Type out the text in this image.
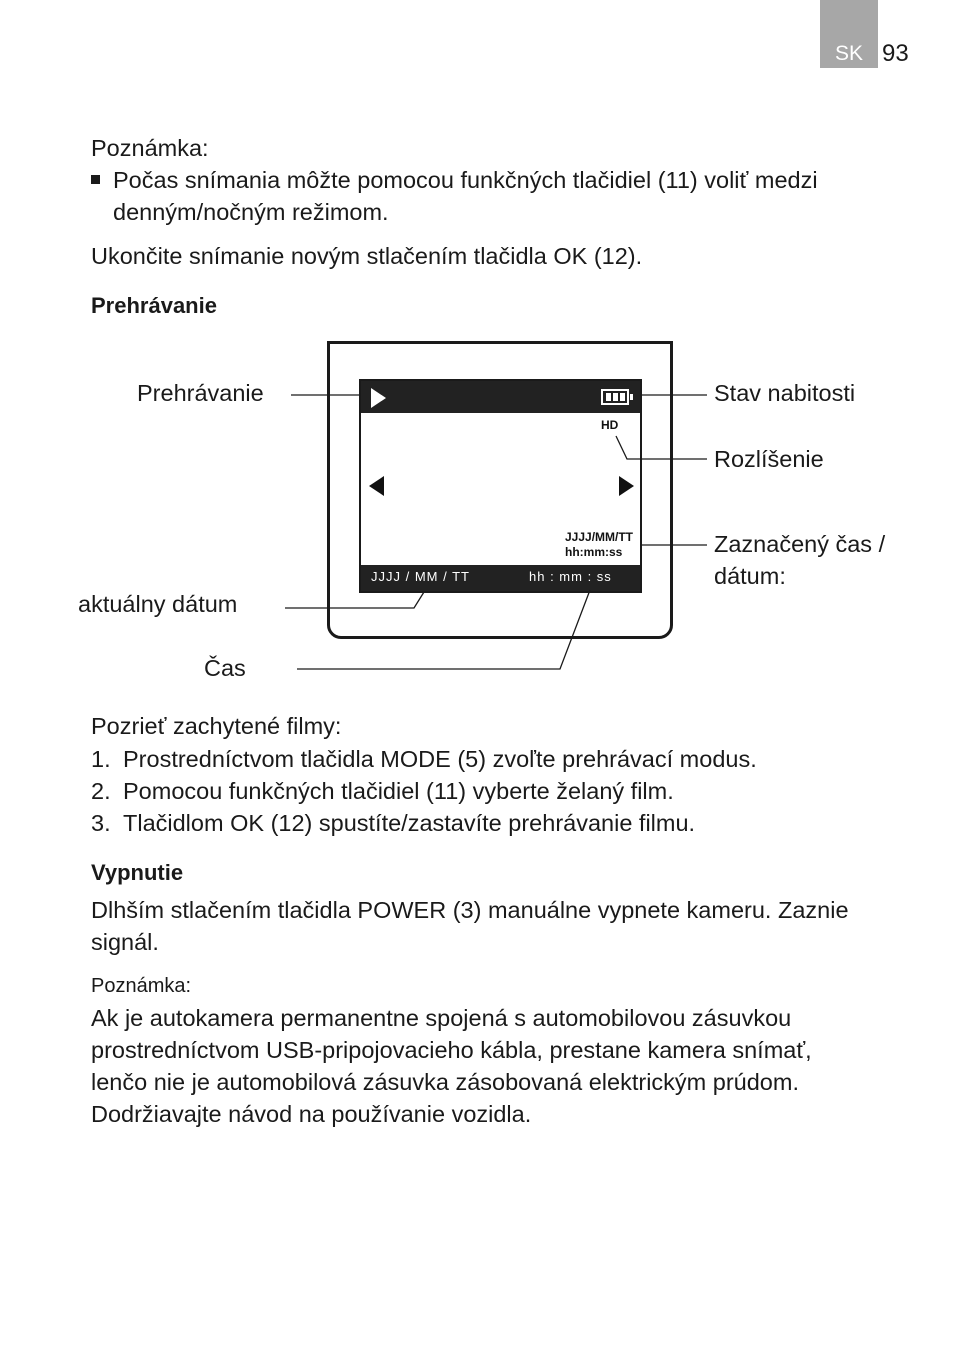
SK 93
Poznámka:
Počas snímania môžte pomocou funkčných tlačidiel (11) voliť medzi
denným/nočným režimom.
Ukončite snímanie novým stlačením tlačidla OK (12).
Prehrávanie
HD
JJJJ/MM/TT
hh:mm:ss
JJJJ / MM / TT	hh : mm : ss
Prehrávanie	Stav nabitosti
Rozlíšenie
Zaznačený čas /
dátum:
aktuálny dátum
Čas
Pozrieť zachytené filmy:
1. Prostredníctvom tlačidla MODE (5) zvoľte prehrávací modus.
2. Pomocou funkčných tlačidiel (11) vyberte želaný film.
3. Tlačidlom OK (12) spustíte/zastavíte prehrávanie filmu.
Vypnutie
Dlhším stlačením tlačidla POWER (3) manuálne vypnete kameru. Zaznie
signál.
Poznámka:
Ak je autokamera permanentne spojená s automobilovou zásuvkou
prostredníctvom USB-pripojovacieho kábla, prestane kamera snímať,
lenčo nie je automobilová zásuvka zásobovaná elektrickým prúdom.
Dodržiavajte návod na používanie vozidla.
